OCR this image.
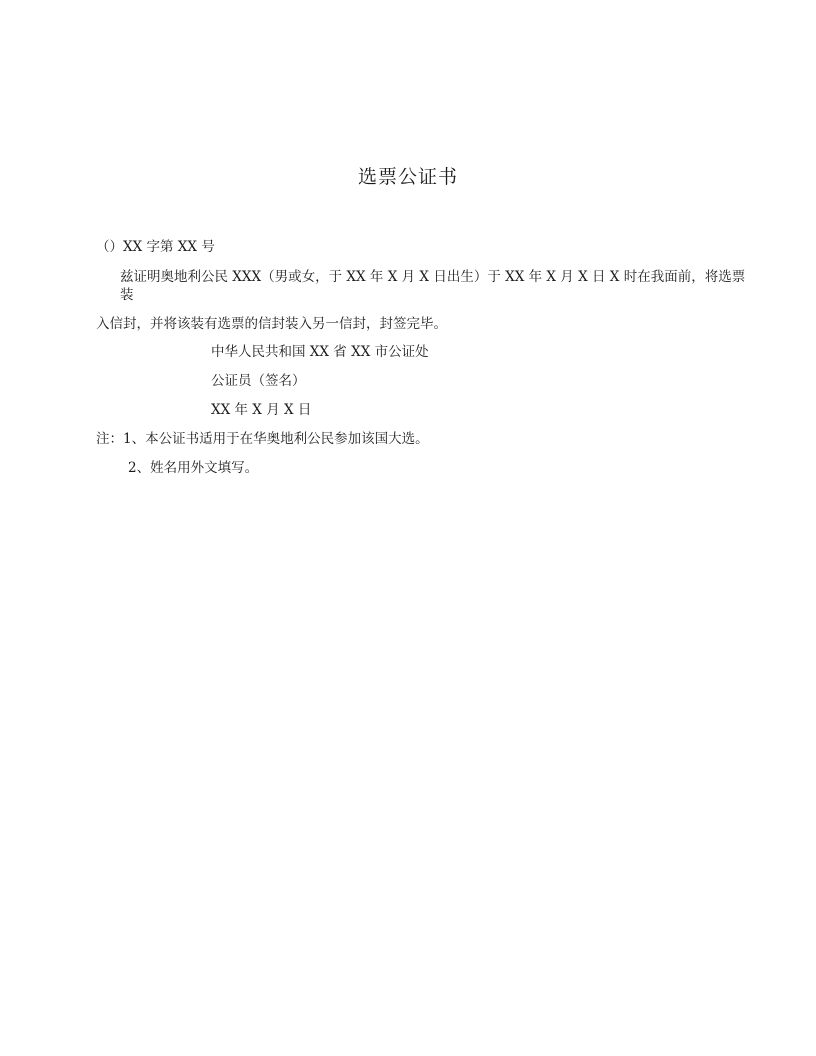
选票公证书
（）XX 字第 XX 号
兹证明奥地利公民 XXX（男或女，于 XX 年 X 月 X 日出生）于 XX 年 X 月 X 日 X 时在我面前，将选票
装
入信封，并将该装有选票的信封装入另一信封，封签完毕。
中华人民共和国 XX 省 XX 市公证处
公证员（签名）
XX 年 X 月 X 日
注：1、本公证书适用于在华奥地利公民参加该国大选。
2、姓名用外文填写。
